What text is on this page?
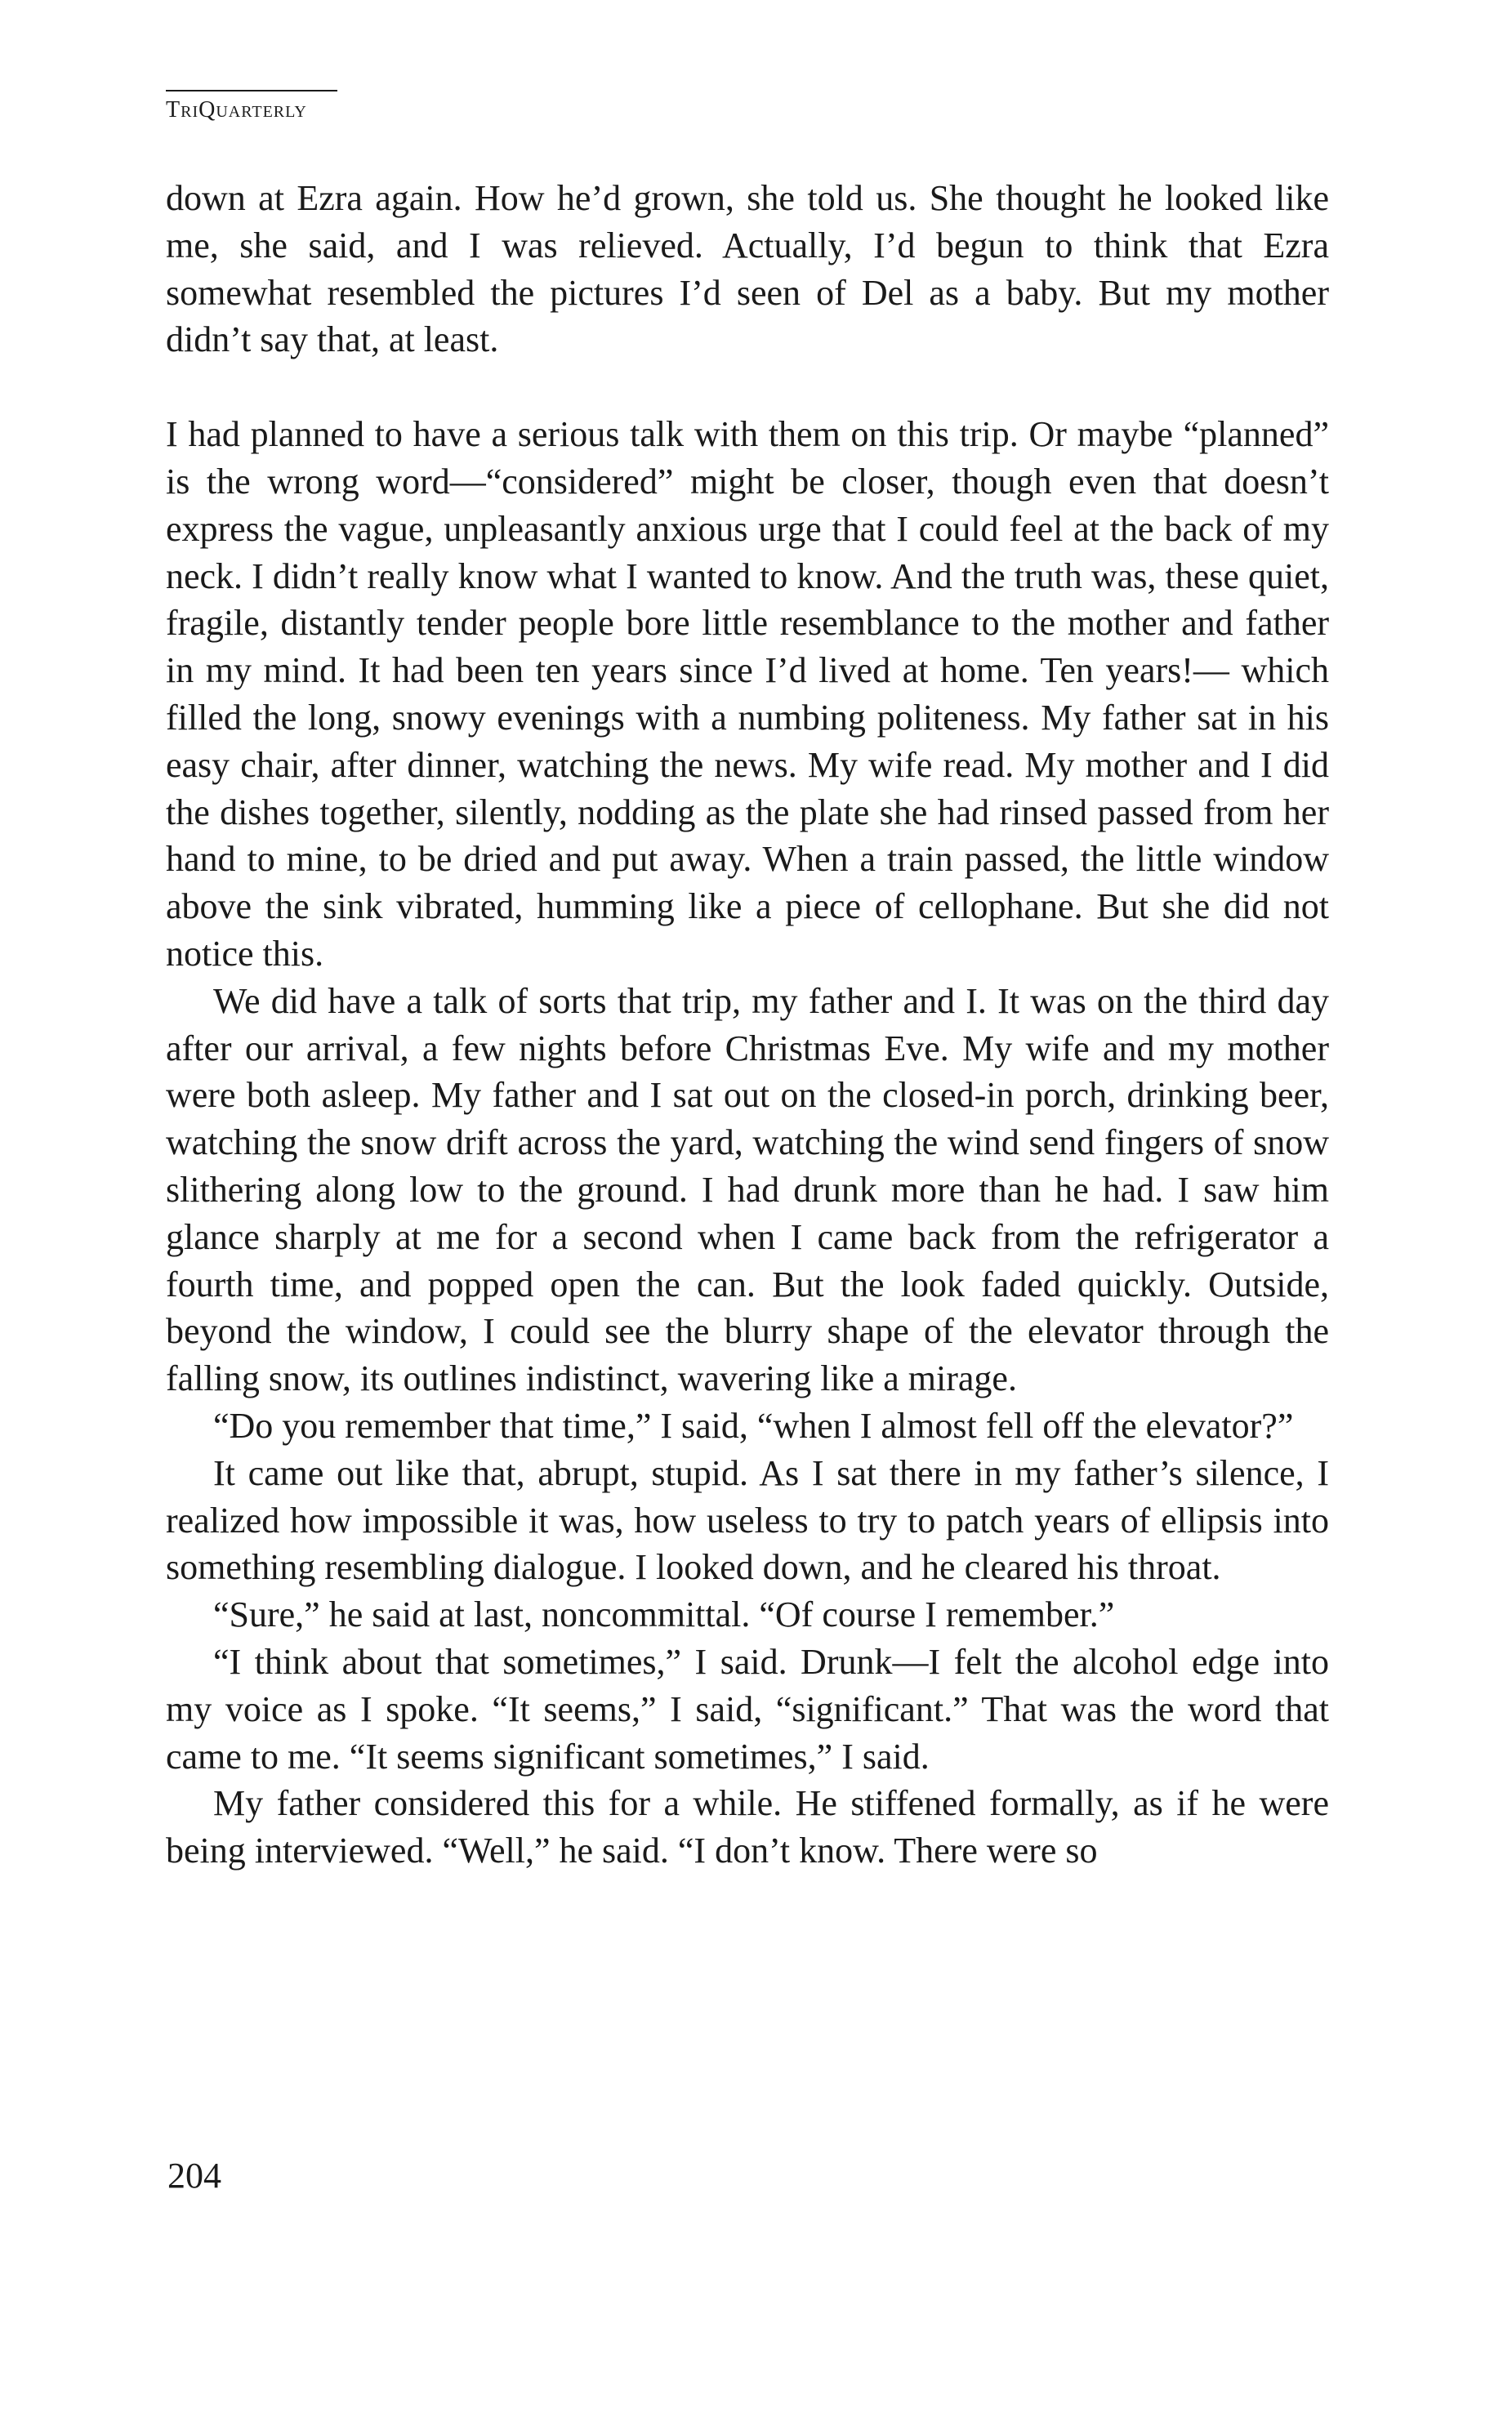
TriQuarterly

down at Ezra again. How he’d grown, she told us. She thought he looked like me, she said, and I was relieved. Actually, I’d begun to think that Ezra somewhat resembled the pictures I’d seen of Del as a baby. But my mother didn’t say that, at least.

I had planned to have a serious talk with them on this trip. Or maybe “planned” is the wrong word—“considered” might be closer, though even that doesn’t express the vague, unpleasantly anxious urge that I could feel at the back of my neck. I didn’t really know what I wanted to know. And the truth was, these quiet, fragile, distantly tender people bore little resemblance to the mother and father in my mind. It had been ten years since I’d lived at home. Ten years!— which filled the long, snowy evenings with a numbing politeness. My father sat in his easy chair, after dinner, watching the news. My wife read. My mother and I did the dishes together, silently, nodding as the plate she had rinsed passed from her hand to mine, to be dried and put away. When a train passed, the little window above the sink vibrated, humming like a piece of cellophane. But she did not notice this.

We did have a talk of sorts that trip, my father and I. It was on the third day after our arrival, a few nights before Christmas Eve. My wife and my mother were both asleep. My father and I sat out on the closed-in porch, drinking beer, watching the snow drift across the yard, watching the wind send fingers of snow slithering along low to the ground. I had drunk more than he had. I saw him glance sharply at me for a second when I came back from the refrigerator a fourth time, and popped open the can. But the look faded quickly. Outside, beyond the window, I could see the blurry shape of the elevator through the falling snow, its outlines indistinct, wavering like a mirage.

“Do you remember that time,” I said, “when I almost fell off the elevator?”

It came out like that, abrupt, stupid. As I sat there in my father’s silence, I realized how impossible it was, how useless to try to patch years of ellipsis into something resembling dialogue. I looked down, and he cleared his throat.

“Sure,” he said at last, noncommittal. “Of course I remember.”

“I think about that sometimes,” I said. Drunk—I felt the alcohol edge into my voice as I spoke. “It seems,” I said, “significant.” That was the word that came to me. “It seems significant sometimes,” I said.

My father considered this for a while. He stiffened formally, as if he were being interviewed. “Well,” he said. “I don’t know. There were so

204
